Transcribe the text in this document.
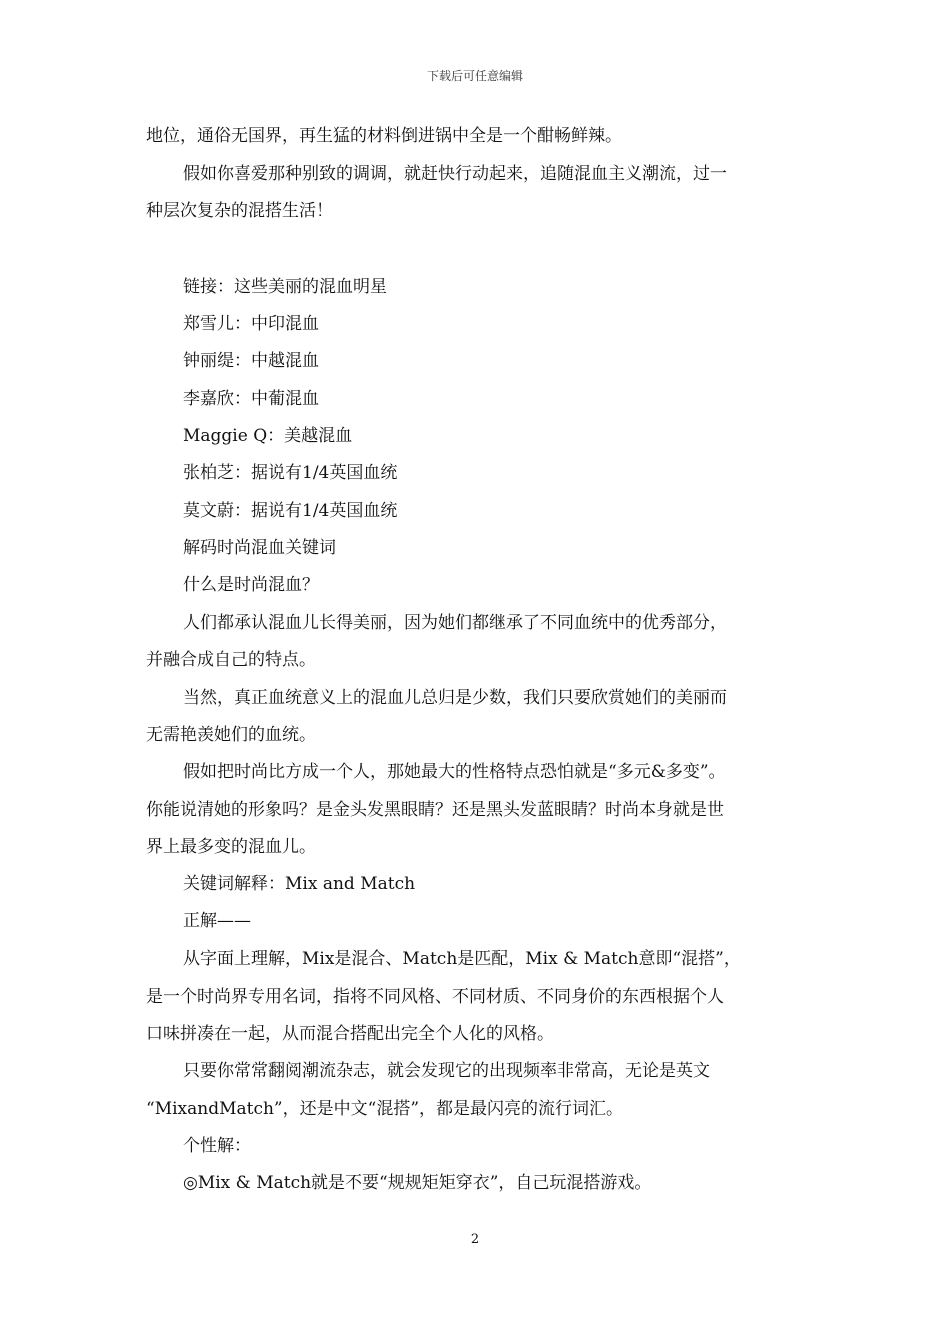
下载后可任意编辑
地位，通俗无国界，再生猛的材料倒进锅中全是一个酣畅鲜辣。
假如你喜爱那种别致的调调，就赶快行动起来，追随混血主义潮流，过一
种层次复杂的混搭生活！
链接：这些美丽的混血明星
郑雪儿：中印混血
钟丽缇：中越混血
李嘉欣：中葡混血
Maggie Q：美越混血
张柏芝：据说有1/4英国血统
莫文蔚：据说有1/4英国血统
解码时尚混血关键词
什么是时尚混血？
人们都承认混血儿长得美丽，因为她们都继承了不同血统中的优秀部分，
并融合成自己的特点。
当然，真正血统意义上的混血儿总归是少数，我们只要欣赏她们的美丽而
无需艳羡她们的血统。
假如把时尚比方成一个人，那她最大的性格特点恐怕就是“多元&多变”。
你能说清她的形象吗？是金头发黑眼睛？还是黑头发蓝眼睛？时尚本身就是世
界上最多变的混血儿。
关键词解释：Mix and Match
正解——
从字面上理解，Mix是混合、Match是匹配，Mix & Match意即“混搭”，
是一个时尚界专用名词，指将不同风格、不同材质、不同身价的东西根据个人
口味拼凑在一起，从而混合搭配出完全个人化的风格。
只要你常常翻阅潮流杂志，就会发现它的出现频率非常高，无论是英文
“MixandMatch”，还是中文“混搭”，都是最闪亮的流行词汇。
个性解：
◎Mix & Match就是不要“规规矩矩穿衣”，自己玩混搭游戏。
2
